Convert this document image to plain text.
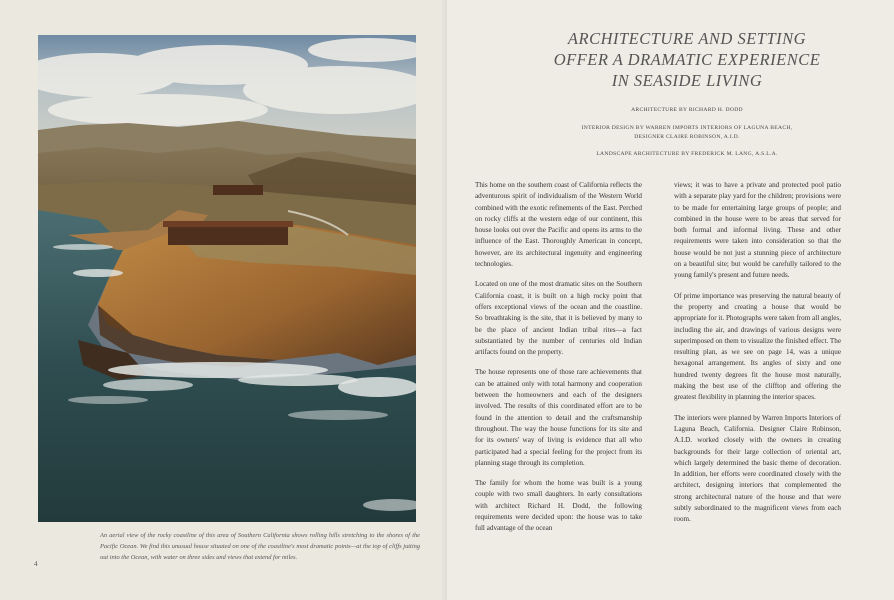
An aerial view of the rocky coastline of this area of Southern California shows rolling hills stretching to the shores of the Pacific Ocean. We find this unusual house situated on one of the coastline's most dramatic points—at the top of cliffs jutting out into the Ocean, with water on three sides and views that extend for miles.
4
ARCHITECTURE AND SETTING
OFFER A DRAMATIC EXPERIENCE
IN SEASIDE LIVING
ARCHITECTURE BY RICHARD H. DODD
INTERIOR DESIGN BY WARREN IMPORTS INTERIORS OF LAGUNA BEACH,
DESIGNER CLAIRE ROBINSON, A.I.D.
LANDSCAPE ARCHITECTURE BY FREDERICK M. LANG, A.S.L.A.

This home on the southern coast of California reflects the adventurous spirit of individualism of the Western World combined with the exotic refinements of the East. Perched on rocky cliffs at the western edge of our continent, this house looks out over the Pacific and opens its arms to the influence of the East. Thoroughly American in concept, however, are its architectural ingenuity and engineering technologies.

Located on one of the most dramatic sites on the Southern California coast, it is built on a high rocky point that offers exceptional views of the ocean and the coastline. So breathtaking is the site, that it is believed by many to be the place of ancient Indian tribal rites—a fact substantiated by the number of centuries old Indian artifacts found on the property.

The house represents one of those rare achievements that can be attained only with total harmony and cooperation between the homeowners and each of the designers involved. The results of this coordinated effort are to be found in the attention to detail and the craftsmanship throughout. The way the house functions for its site and for its owners' way of living is evidence that all who participated had a special feeling for the project from its planning stage through its completion.

The family for whom the home was built is a young couple with two small daughters. In early consultations with architect Richard H. Dodd, the following requirements were decided upon: the house was to take full advantage of the ocean

views; it was to have a private and protected pool patio with a separate play yard for the children; provisions were to be made for entertaining large groups of people; and combined in the house were to be areas that served for both formal and informal living. These and other requirements were taken into consideration so that the house would be not just a stunning piece of architecture on a beautiful site; but would be carefully tailored to the young family's present and future needs.

Of prime importance was preserving the natural beauty of the property and creating a house that would be appropriate for it. Photographs were taken from all angles, including the air, and drawings of various designs were superimposed on them to visualize the finished effect. The resulting plan, as we see on page 14, was a unique hexagonal arrangement. Its angles of sixty and one hundred twenty degrees fit the house most naturally, making the best use of the clifftop and offering the greatest flexibility in planning the interior spaces.

The interiors were planned by Warren Imports Interiors of Laguna Beach, California. Designer Claire Robinson, A.I.D. worked closely with the owners in creating backgrounds for their large collection of oriental art, which largely determined the basic theme of decoration. In addition, her efforts were coordinated closely with the architect, designing interiors that complemented the strong architectural nature of the house and that were subtly subordinated to the magnificent views from each room.
